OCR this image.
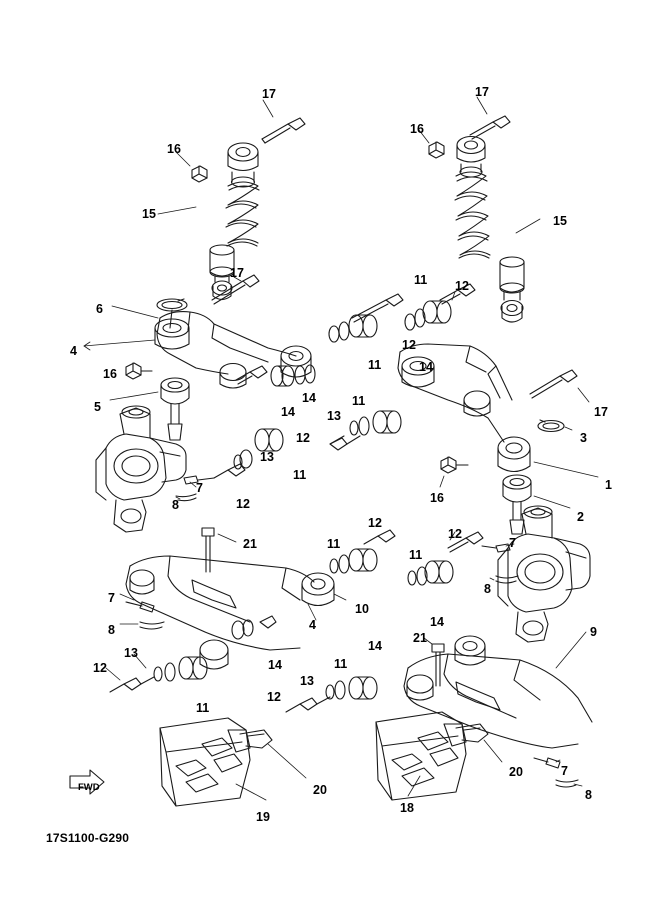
17S1100-G290
FWD
17
16
15
17
16
15
12
11
12
14
11
6
4
17
16
5
14
14	13
11
12
11
13
12
7
8
17
3
1
16
2
7
8
12
11
11
12
21
10
4	14
9
7
8
14
21
14
11
13
12
12
13
11
20
19
20
18
7
8
